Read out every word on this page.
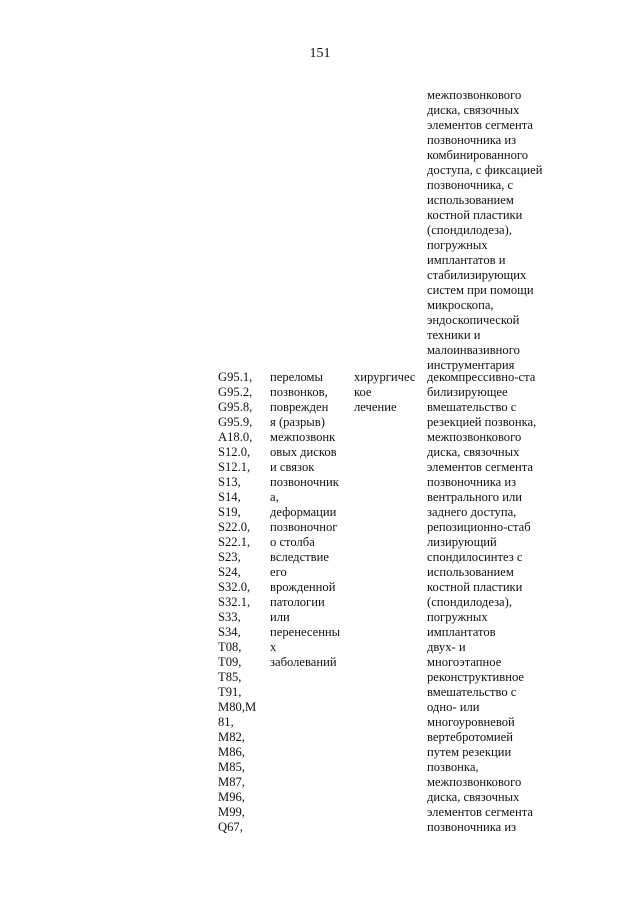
151
межпозвонкового
диска, связочных
элементов сегмента
позвоночника из
комбинированного
доступа, с фиксацией
позвоночника, с
использованием
костной пластики
(спондилодеза),
погружных
имплантатов и
стабилизирующих
систем при помощи
микроскопа,
эндоскопической
техники и
малоинвазивного
инструментария
G95.1,
G95.2,
G95.8,
G95.9,
A18.0,
S12.0,
S12.1,
S13,
S14,
S19,
S22.0,
S22.1,
S23,
S24,
S32.0,
S32.1,
S33,
S34,
T08,
T09,
T85,
T91,
M80,M
81,
M82,
M86,
M85,
M87,
M96,
M99,
Q67,
переломы
позвонков,
поврежден
я (разрыв)
межпозвонк
овых дисков
и связок
позвоночник
а,
деформации
позвоночног
о столба
вследствие
его
врожденной
патологии
или
перенесенны
х
заболеваний
хирургичес
кое
лечение
декомпрессивно-ста
билизирующее
вмешательство с
резекцией позвонка,
межпозвонкового
диска, связочных
элементов сегмента
позвоночника из
вентрального или
заднего доступа,
репозиционно-стаб
лизирующий
спондилосинтез с
использованием
костной пластики
(спондилодеза),
погружных
имплантатов
двух- и
многоэтапное
реконструктивное
вмешательство с
одно- или
многоуровневой
вертебротомией
путем резекции
позвонка,
межпозвонкового
диска, связочных
элементов сегмента
позвоночника из
